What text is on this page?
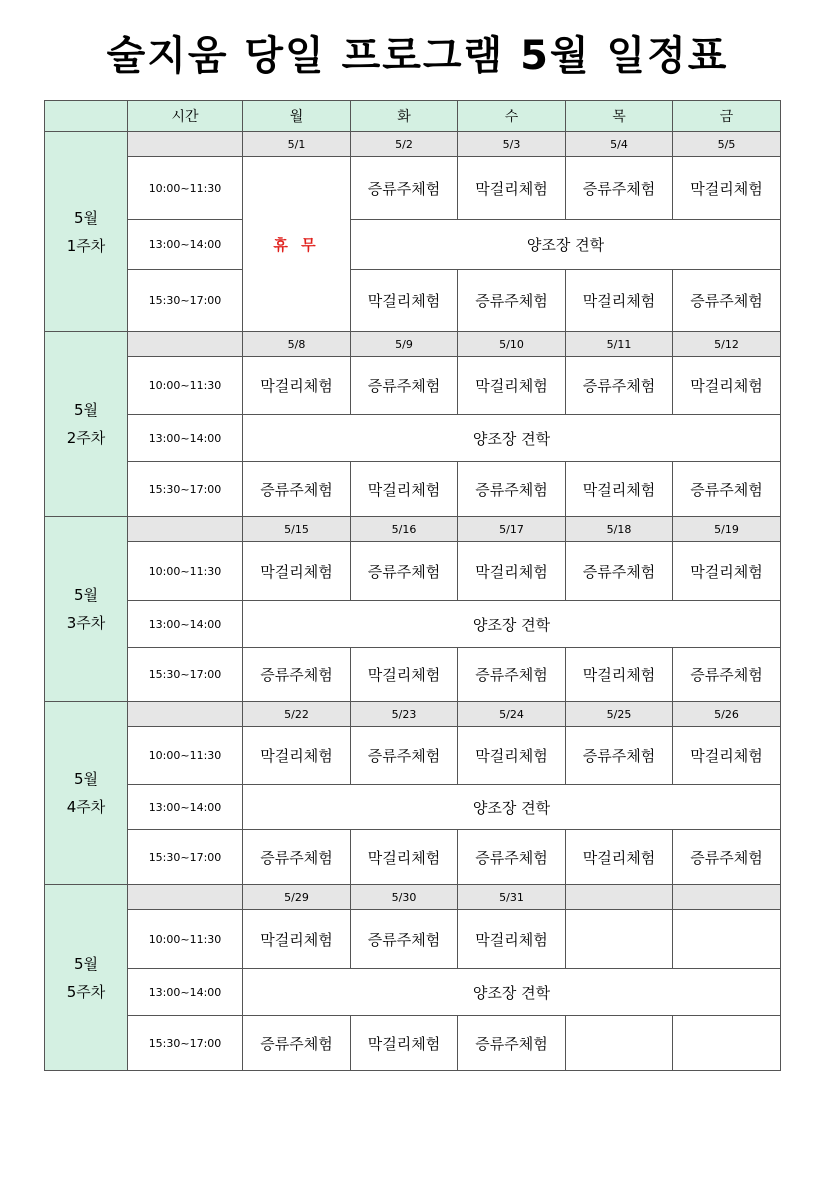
술지움 당일 프로그램 5월 일정표
	시간	월	화	수	목	금

5월
1주차		5/1	5/2	5/3	5/4	5/5
	10:00~11:30	휴 무	증류주체험	막걸리체험	증류주체험	막걸리체험
	13:00~14:00		양조장 견학			
	15:30~17:00		막걸리체험	증류주체험	막걸리체험	증류주체험

5월
2주차		5/8	5/9	5/10	5/11	5/12
	10:00~11:30	막걸리체험	증류주체험	막걸리체험	증류주체험	막걸리체험
	13:00~14:00	양조장 견학				
	15:30~17:00	증류주체험	막걸리체험	증류주체험	막걸리체험	증류주체험

5월
3주차		5/15	5/16	5/17	5/18	5/19
	10:00~11:30	막걸리체험	증류주체험	막걸리체험	증류주체험	막걸리체험
	13:00~14:00	양조장 견학				
	15:30~17:00	증류주체험	막걸리체험	증류주체험	막걸리체험	증류주체험

5월
4주차		5/22	5/23	5/24	5/25	5/26
	10:00~11:30	막걸리체험	증류주체험	막걸리체험	증류주체험	막걸리체험
	13:00~14:00	양조장 견학				
	15:30~17:00	증류주체험	막걸리체험	증류주체험	막걸리체험	증류주체험

5월
5주차		5/29	5/30	5/31		
	10:00~11:30	막걸리체험	증류주체험	막걸리체험		
	13:00~14:00	양조장 견학				
	15:30~17:00	증류주체험	막걸리체험	증류주체험		
